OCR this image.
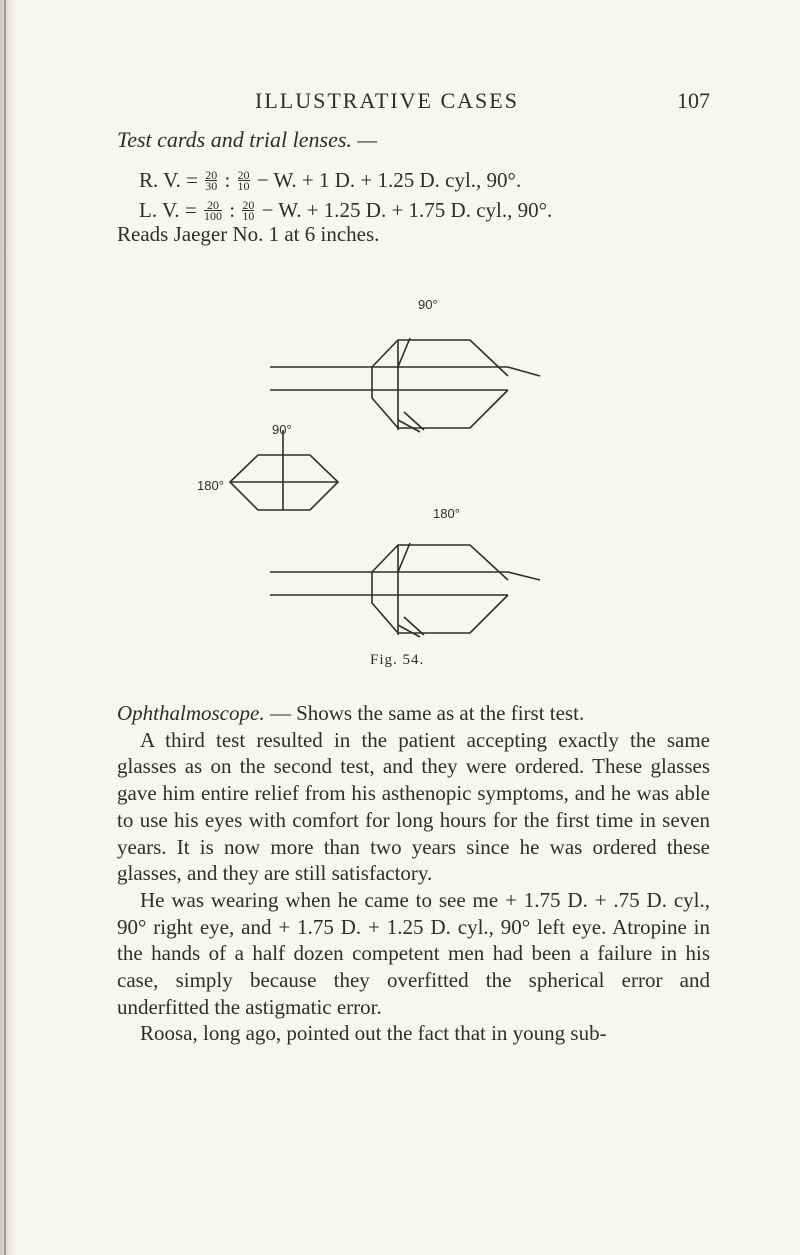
ILLUSTRATIVE CASES	107
Test cards and trial lenses. —
R. V. = $\frac{20}{30}$ : $\frac{20}{10} - W$. + 1 D. + 1.25 D. cyl., 90°.
L. V. = $\frac{20}{100}$ : $\frac{20}{10} - W$. + 1.25 D. + 1.75 D. cyl., 90°.
Reads Jaeger No. 1 at 6 inches.
90°
90°
180°
180°
Fig. 54.

Ophthalmoscope. — Shows the same as at the first test.

A third test resulted in the patient accepting exactly the same glasses as on the second test, and they were ordered. These glasses gave him entire relief from his asthenopic symptoms, and he was able to use his eyes with comfort for long hours for the first time in seven years. It is now more than two years since he was ordered these glasses, and they are still satisfactory.

He was wearing when he came to see me + 1.75 D. + .75 D. cyl., 90° right eye, and + 1.75 D. + 1.25 D. cyl., 90° left eye. Atropine in the hands of a half dozen competent men had been a failure in his case, simply because they overfitted the spherical error and underfitted the astigmatic error.

Roosa, long ago, pointed out the fact that in young sub-
